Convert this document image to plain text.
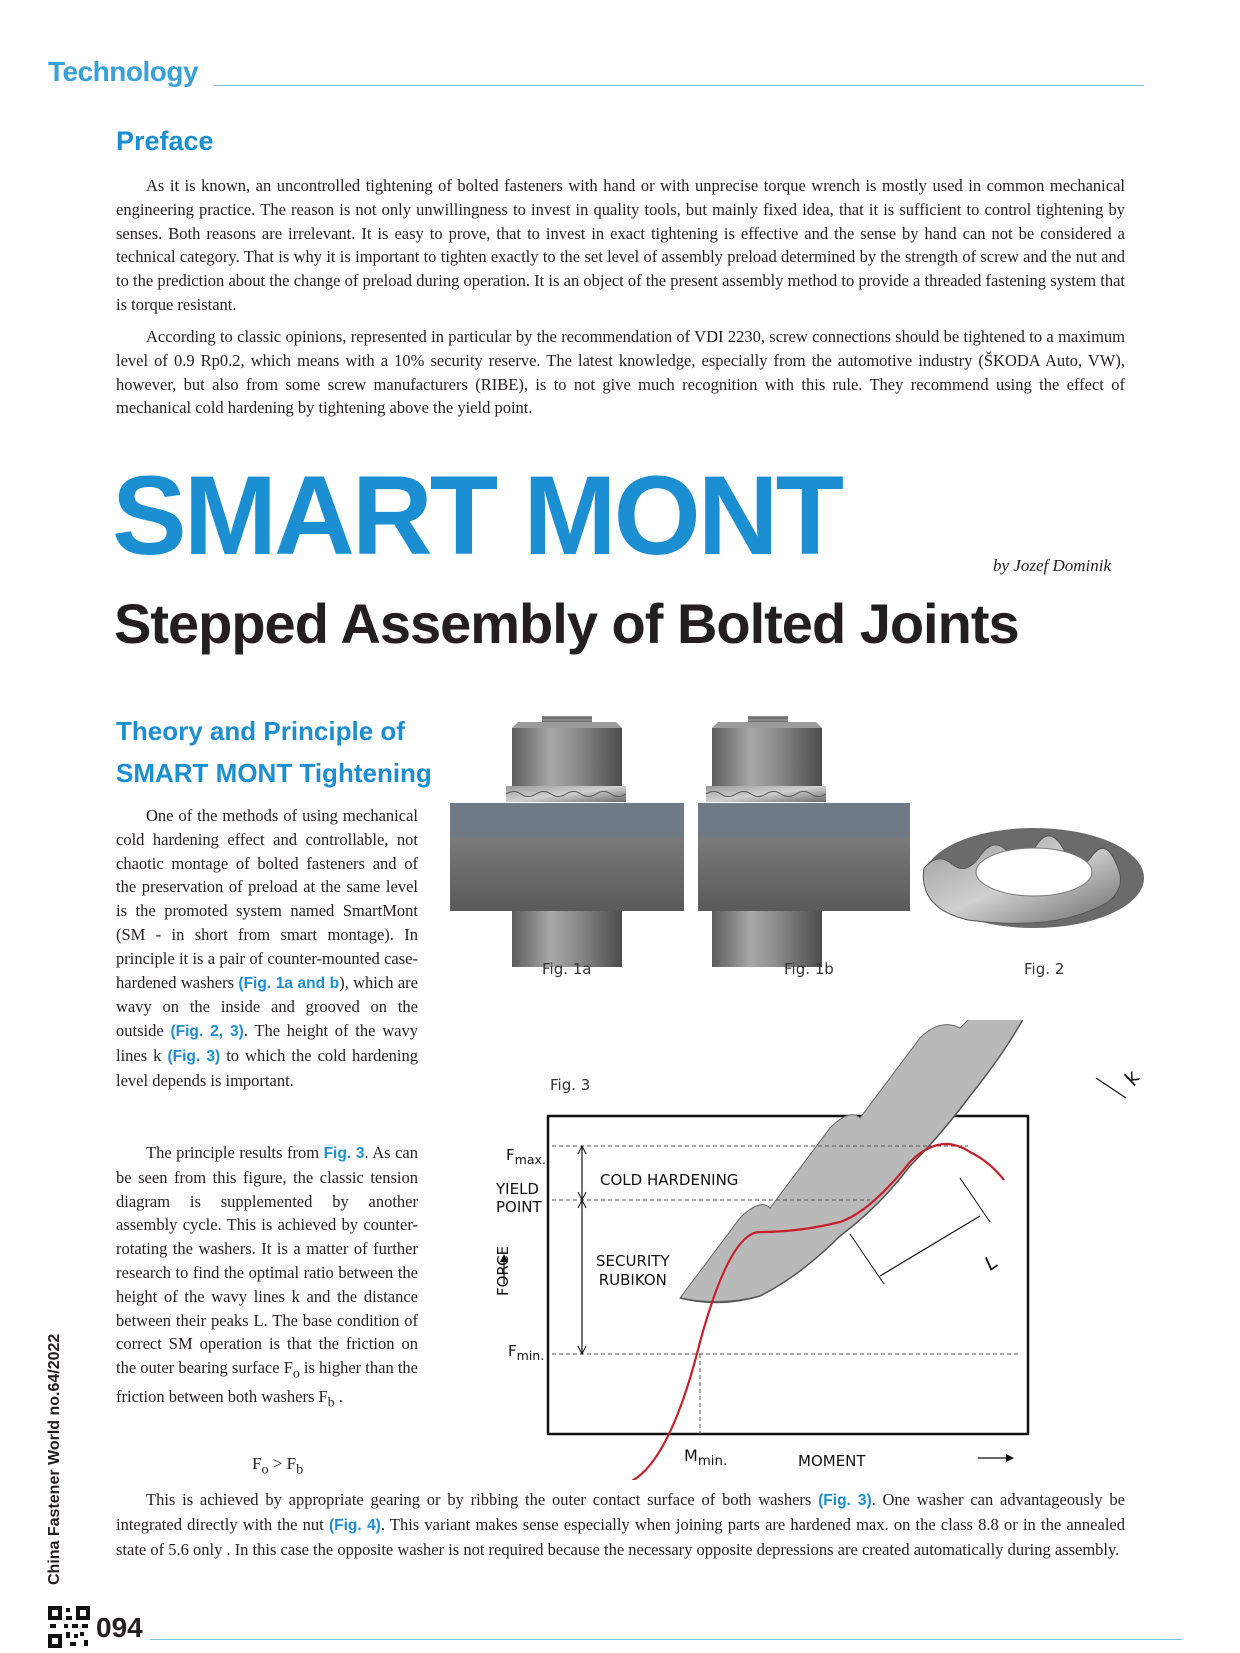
Technology
Preface

As it is known, an uncontrolled tightening of bolted fasteners with hand or with unprecise torque wrench is mostly used in common mechanical engineering practice. The reason is not only unwillingness to invest in quality tools, but mainly fixed idea, that it is sufficient to control tightening by senses. Both reasons are irrelevant. It is easy to prove, that to invest in exact tightening is effective and the sense by hand can not be considered a technical category. That is why it is important to tighten exactly to the set level of assembly preload determined by the strength of screw and the nut and to the prediction about the change of preload during operation. It is an object of the present assembly method to provide a threaded fastening system that is torque resistant.

According to classic opinions, represented in particular by the recommendation of VDI 2230, screw connections should be tightened to a maximum level of 0.9 Rp0.2, which means with a 10% security reserve. The latest knowledge, especially from the automotive industry (ŠKODA Auto, VW), however, but also from some screw manufacturers (RIBE), is to not give much recognition with this rule. They recommend using the effect of mechanical cold hardening by tightening above the yield point.

SMART MONT	by Jozef Dominik
Stepped Assembly of Bolted Joints
Theory and Principle of SMART MONT Tightening

One of the methods of using mechanical cold hardening effect and controllable, not chaotic montage of bolted fasteners and of the preservation of preload at the same level is the promoted system named SmartMont (SM - in short from smart montage). In principle it is a pair of counter-mounted case-hardened washers (Fig. 1a and b), which are wavy on the inside and grooved on the outside (Fig. 2, 3). The height of the wavy lines k (Fig. 3) to which the cold hardening level depends is important.

The principle results from Fig. 3. As can be seen from this figure, the classic tension diagram is supplemented by another assembly cycle. This is achieved by counter-rotating the washers. It is a matter of further research to find the optimal ratio between the height of the wavy lines k and the distance between their peaks L. The base condition of correct SM operation is that the friction on the outer bearing surface $F_o$ is higher than the friction between both washers $F_b$ .

$F_o > F_b$
Fig. 1a	Fig. 1b	Fig. 2
Fig. 3
$F_{max.}$
YIELD
POINT
COLD HARDENING
SECURITY
RUBIKON
FORCE
$F_{min.}$
$M_{min.}$	MOMENT
k
L

This is achieved by appropriate gearing or by ribbing the outer contact surface of both washers (Fig. 3). One washer can advantageously be integrated directly with the nut (Fig. 4). This variant makes sense especially when joining parts are hardened max. on the class 8.8 or in the annealed state of 5.6 only . In this case the opposite washer is not required because the necessary opposite depressions are created automatically during assembly.

China Fastener World no.64/2022
094
